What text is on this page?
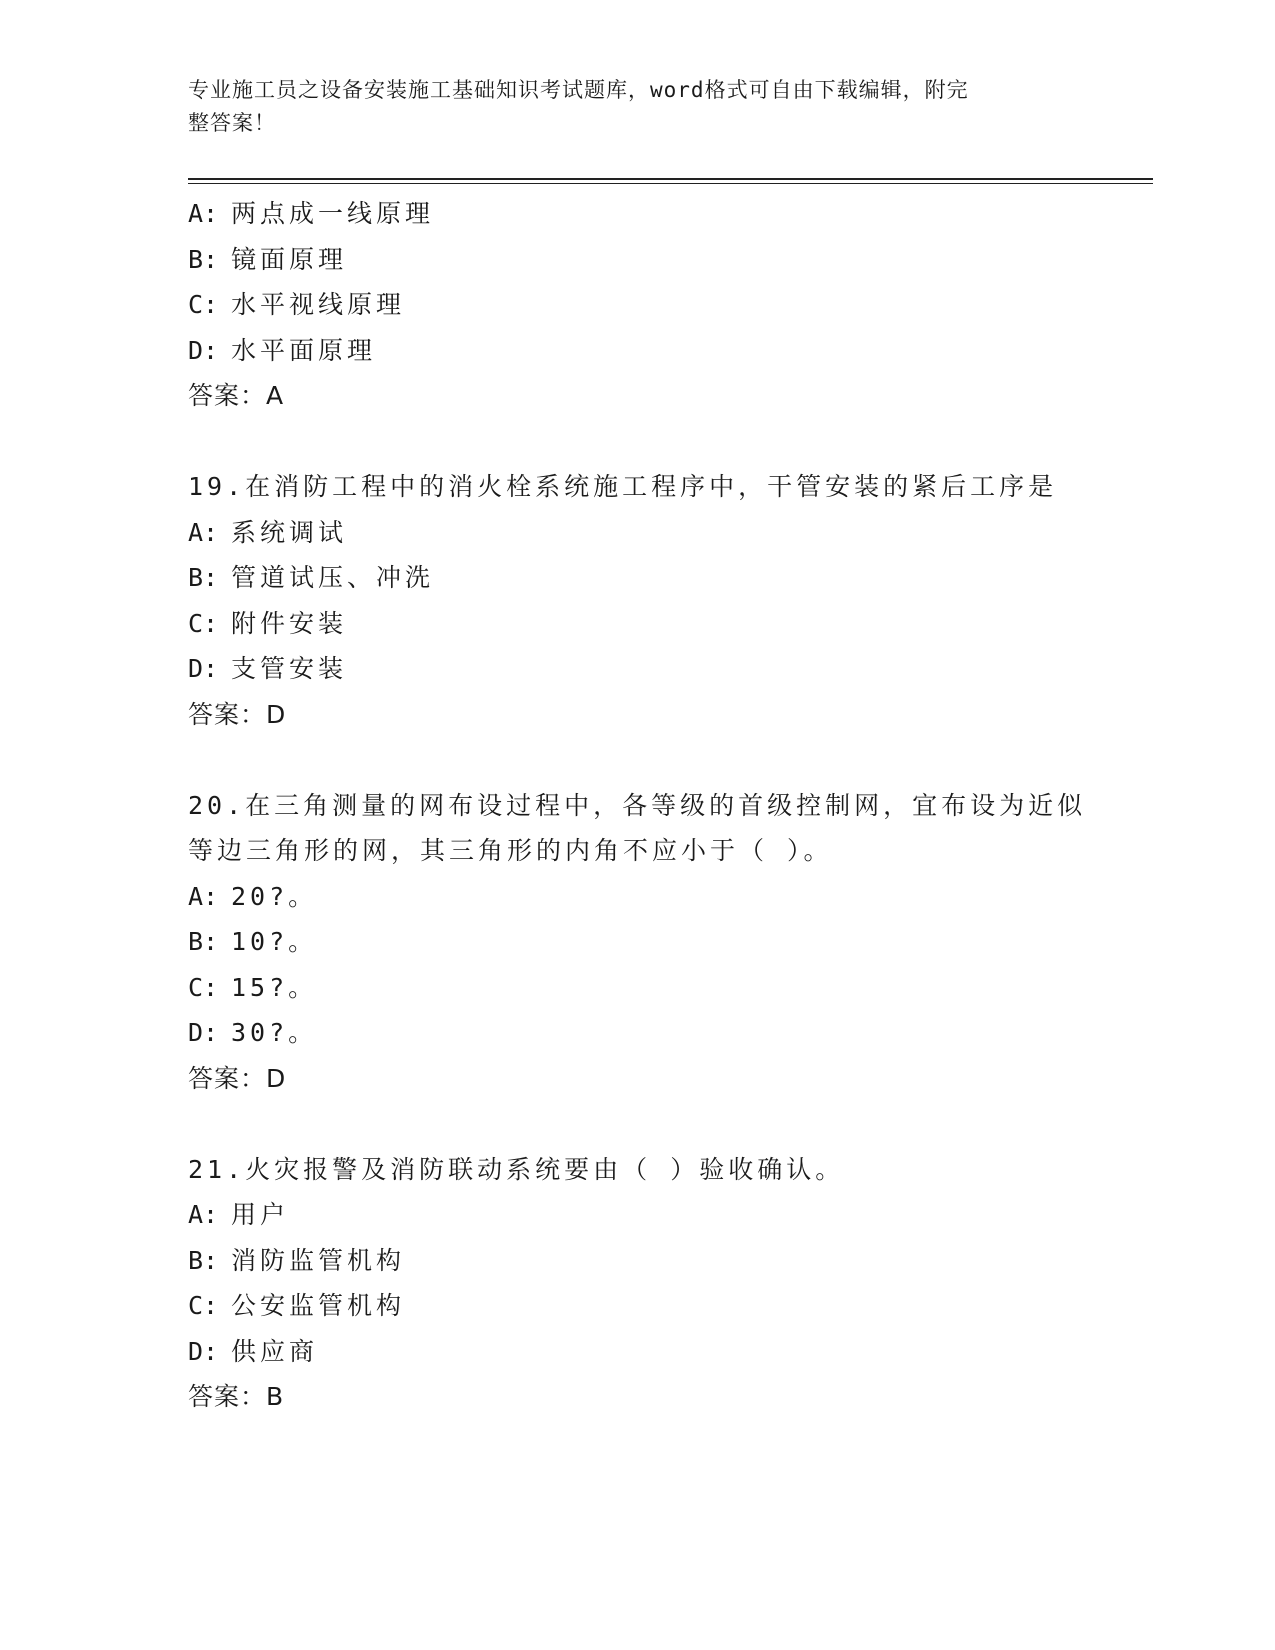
专业施工员之设备安装施工基础知识考试题库，word格式可自由下载编辑，附完
整答案！
A: 两点成一线原理
B: 镜面原理
C: 水平视线原理
D: 水平面原理
答案：A
19.在消防工程中的消火栓系统施工程序中，干管安装的紧后工序是
A: 系统调试
B: 管道试压、冲洗
C: 附件安装
D: 支管安装
答案：D
20.在三角测量的网布设过程中，各等级的首级控制网，宜布设为近似
等边三角形的网，其三角形的内角不应小于（ ）。
A: 20?。
B: 10?。
C: 15?。
D: 30?。
答案：D
21.火灾报警及消防联动系统要由（ ）验收确认。
A: 用户
B: 消防监管机构
C: 公安监管机构
D: 供应商
答案：B
